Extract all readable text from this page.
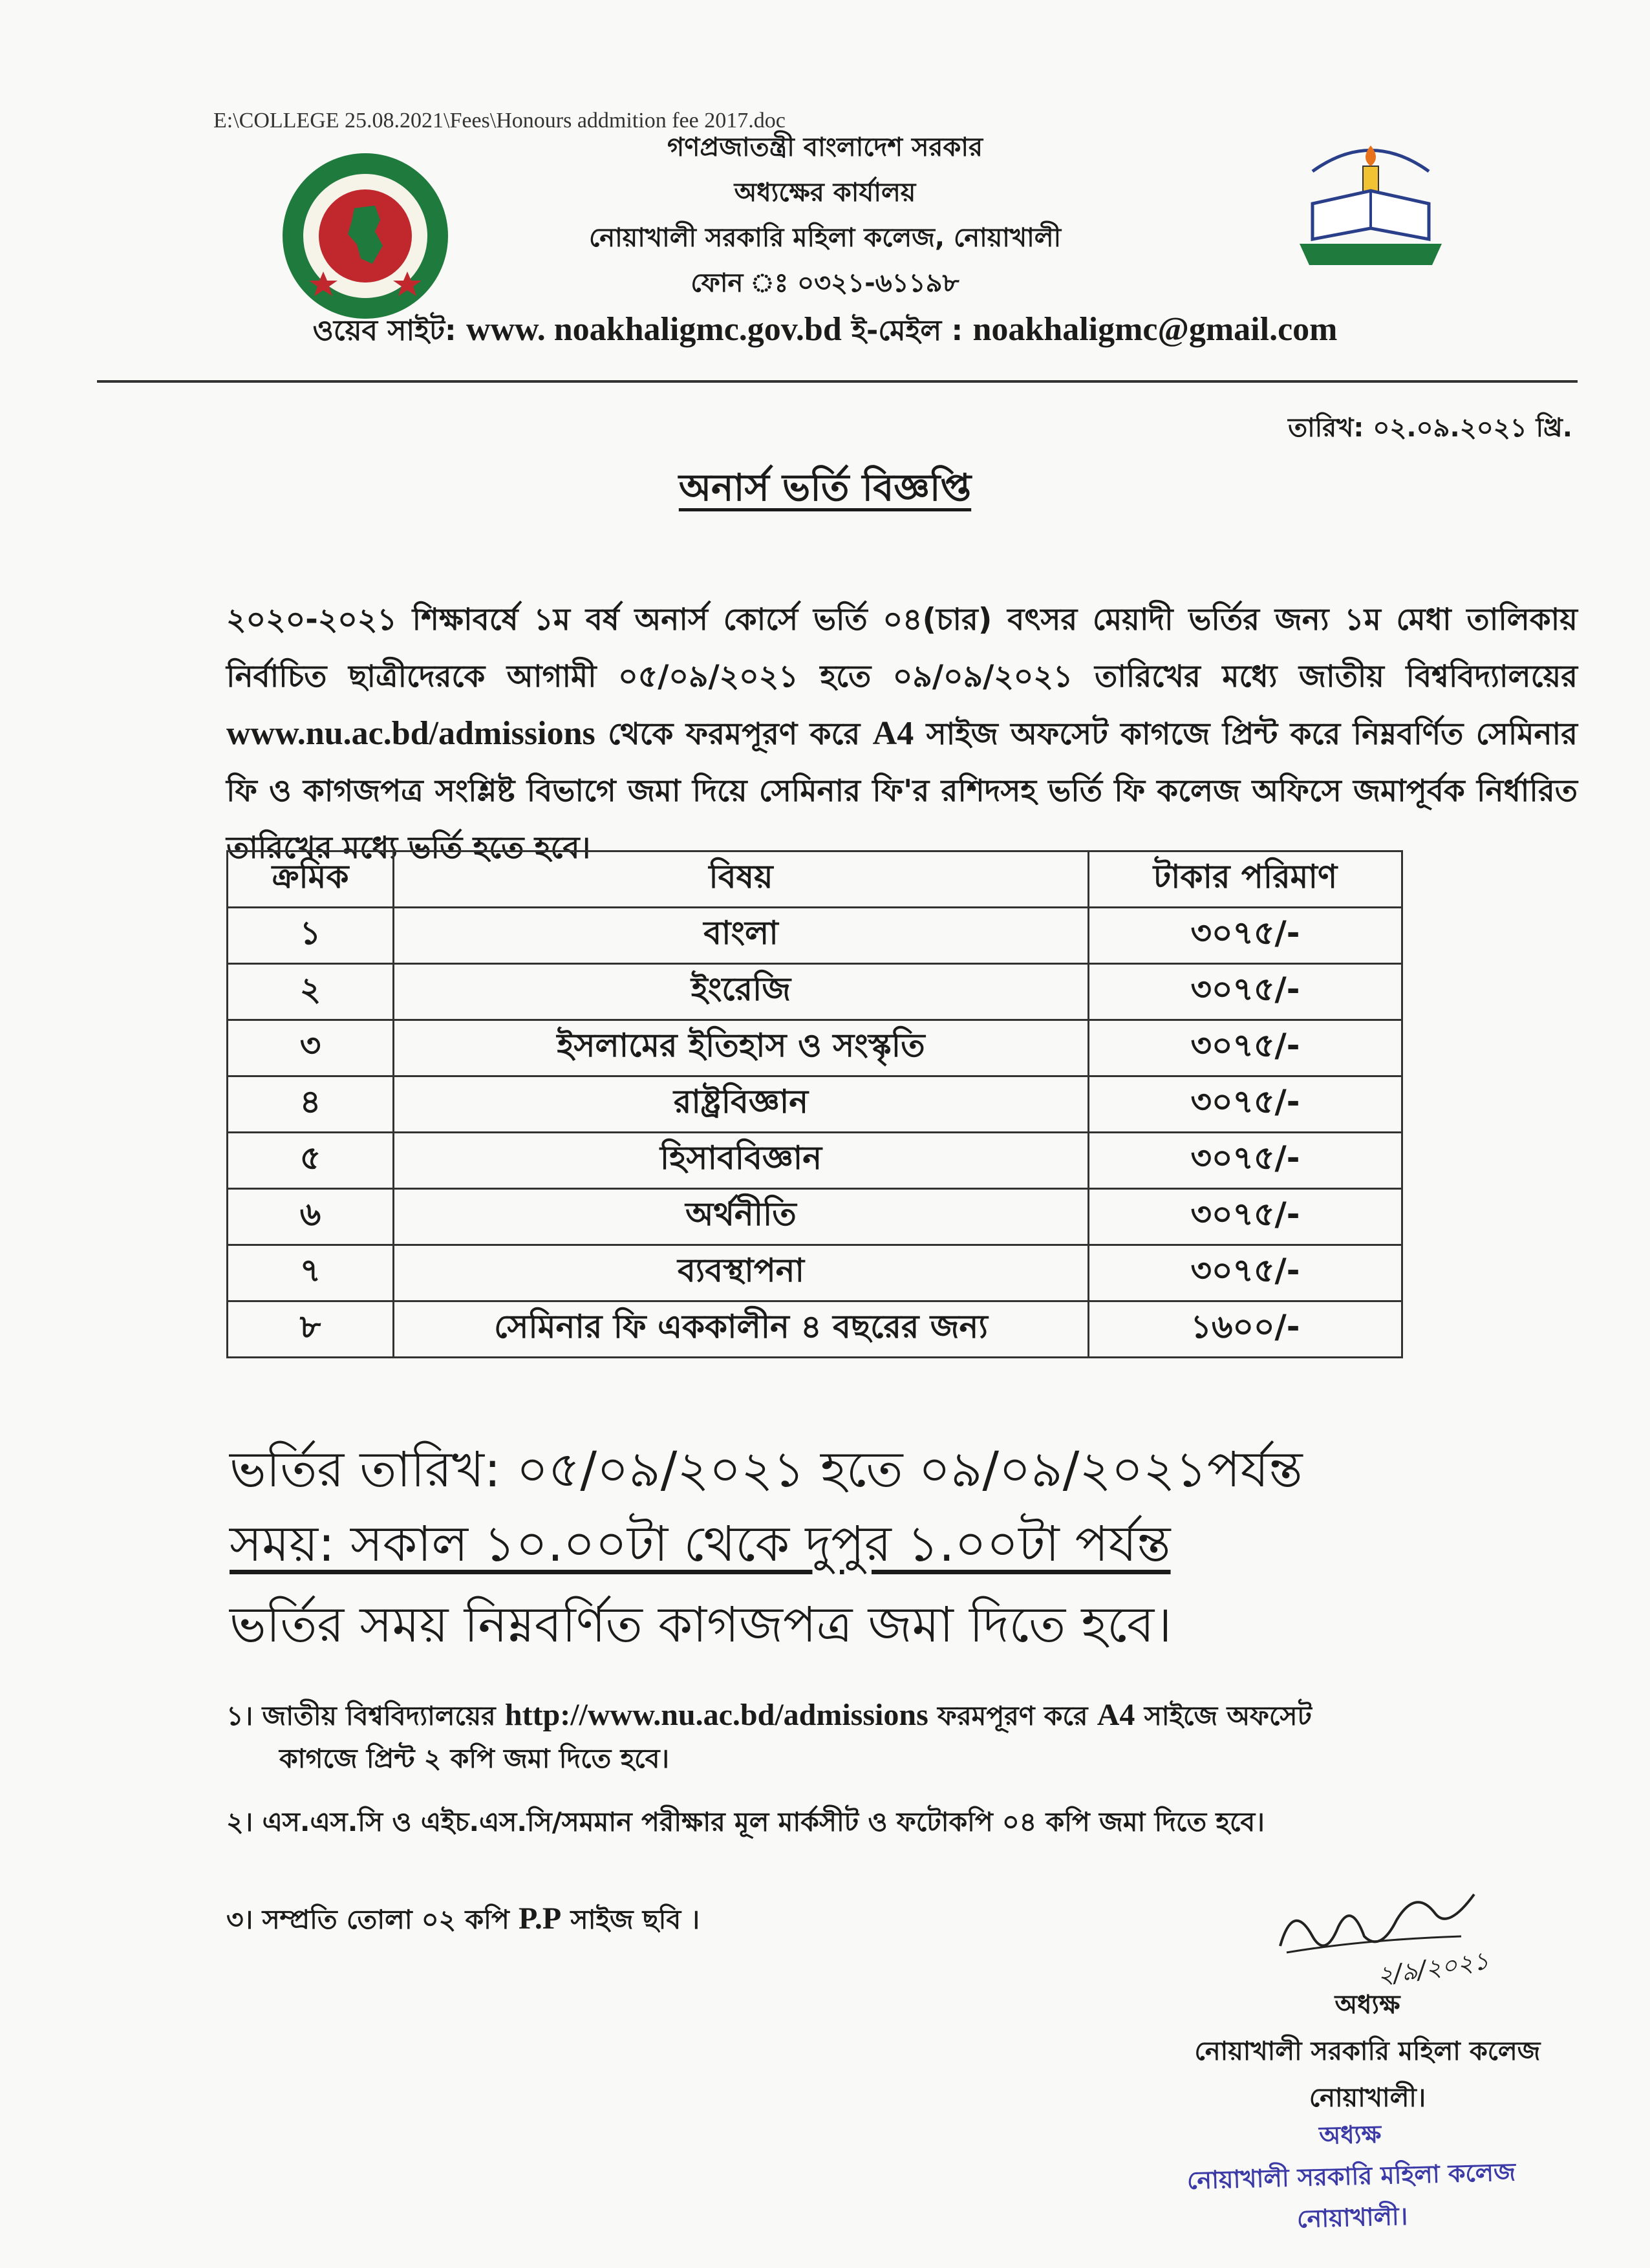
E:\COLLEGE 25.08.2021\Fees\Honours addmition fee 2017.doc
গণপ্রজাতন্ত্রী বাংলাদেশ সরকার
অধ্যক্ষের কার্যালয়
নোয়াখালী সরকারি মহিলা কলেজ, নোয়াখালী
ফোন ঃ ০৩২১-৬১১৯৮
ওয়েব সাইট: www. noakhaligmc.gov.bd ই-মেইল : noakhaligmc@gmail.com
তারিখ: ০২.০৯.২০২১ খ্রি.
অনার্স ভর্তি বিজ্ঞপ্তি
২০২০-২০২১ শিক্ষাবর্ষে ১ম বর্ষ অনার্স কোর্সে ভর্তি ০৪(চার) বৎসর মেয়াদী ভর্তির জন্য ১ম মেধা তালিকায় নির্বাচিত ছাত্রীদেরকে আগামী ০৫/০৯/২০২১ হতে ০৯/০৯/২০২১ তারিখের মধ্যে জাতীয় বিশ্ববিদ্যালয়ের www.nu.ac.bd/admissions থেকে ফরমপূরণ করে A4 সাইজ অফসেট কাগজে প্রিন্ট করে নিম্নবর্ণিত সেমিনার ফি ও কাগজপত্র সংশ্লিষ্ট বিভাগে জমা দিয়ে সেমিনার ফি'র রশিদসহ ভর্তি ফি কলেজ অফিসে জমাপূর্বক নির্ধারিত তারিখের মধ্যে ভর্তি হতে হবে।
ক্রমিক	বিষয়	টাকার পরিমাণ
১	বাংলা	৩০৭৫/-
২	ইংরেজি	৩০৭৫/-
৩	ইসলামের ইতিহাস ও সংস্কৃতি	৩০৭৫/-
৪	রাষ্ট্রবিজ্ঞান	৩০৭৫/-
৫	হিসাববিজ্ঞান	৩০৭৫/-
৬	অর্থনীতি	৩০৭৫/-
৭	ব্যবস্থাপনা	৩০৭৫/-
৮	সেমিনার ফি এককালীন ৪ বছরের জন্য	১৬০০/-
ভর্তির তারিখ: ০৫/০৯/২০২১ হতে ০৯/০৯/২০২১পর্যন্ত
সময়: সকাল ১০.০০টা থেকে দুপুর ১.০০টা পর্যন্ত
ভর্তির সময় নিম্নবর্ণিত কাগজপত্র জমা দিতে হবে।
১। জাতীয় বিশ্ববিদ্যালয়ের http://www.nu.ac.bd/admissions ফরমপূরণ করে A4 সাইজে অফসেট
কাগজে প্রিন্ট ২ কপি জমা দিতে হবে।
২। এস.এস.সি ও এইচ.এস.সি/সমমান পরীক্ষার মূল মার্কসীট ও ফটোকপি ০৪ কপি জমা দিতে হবে।
৩। সম্প্রতি তোলা ০২ কপি P.P সাইজ ছবি ।
২/৯/২০২১
অধ্যক্ষ
নোয়াখালী সরকারি মহিলা কলেজ
নোয়াখালী।
অধ্যক্ষ
নোয়াখালী সরকারি মহিলা কলেজ
নোয়াখালী।
